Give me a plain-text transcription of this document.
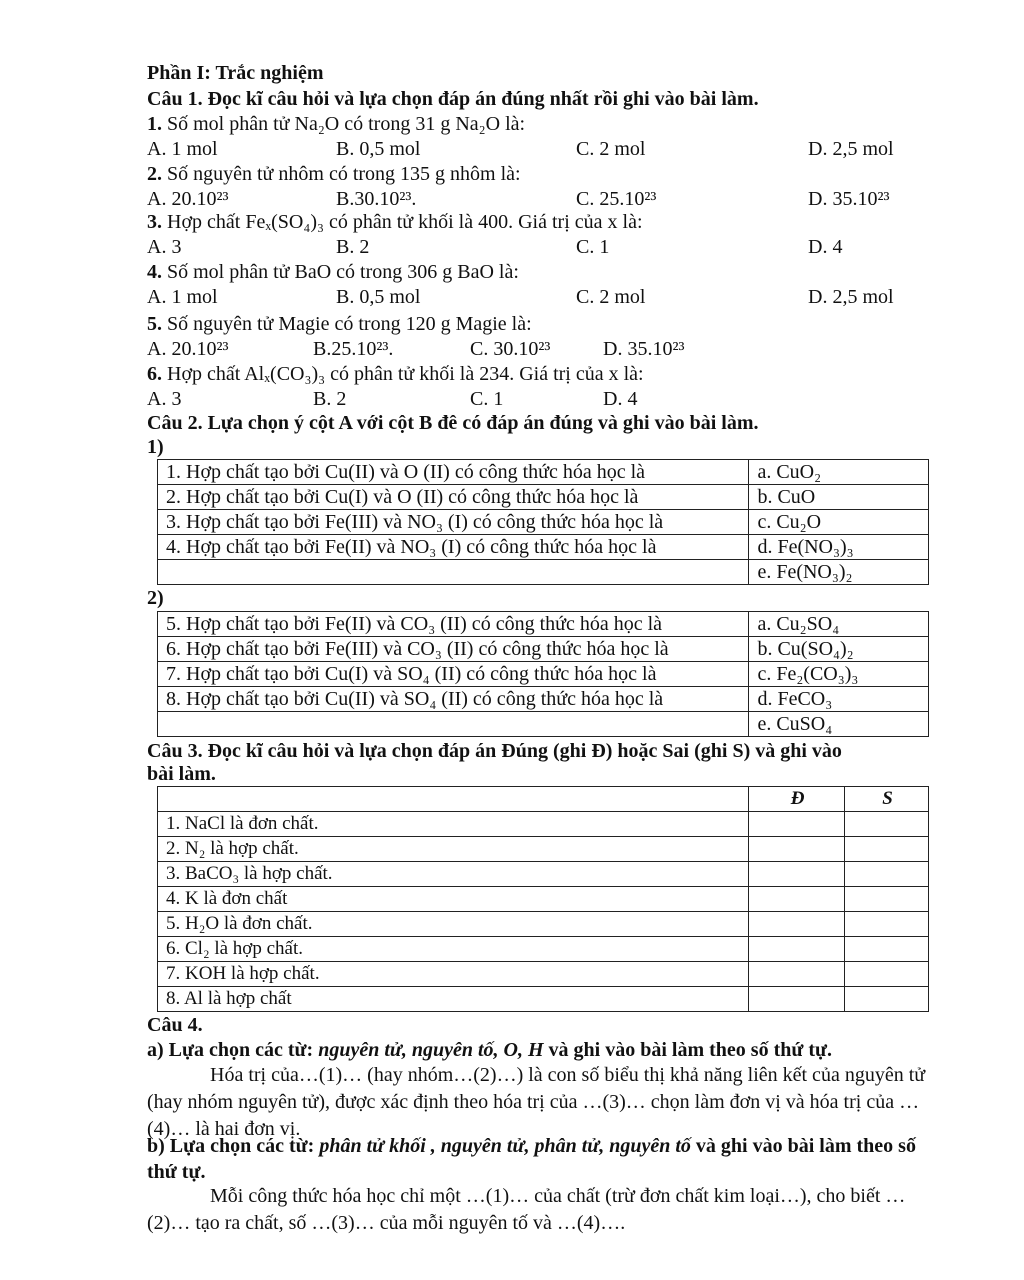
Phần I: Trắc nghiệm
Câu 1. Đọc kĩ câu hỏi và lựa chọn đáp án đúng nhất rồi ghi vào bài làm.
1. Số mol phân tử Na₂O có trong 31 g Na₂O là:
A. 1 mol	B. 0,5 mol	C. 2 mol	D. 2,5 mol
2. Số nguyên tử nhôm có trong 135 g nhôm là:
A. 20.10²³	B.30.10²³.	C. 25.10²³	D. 35.10²³
3. Hợp chất Feₓ(SO₄)₃ có phân tử khối là 400. Giá trị của x là:
A. 3	B. 2	C. 1	D. 4
4. Số mol phân tử BaO có trong 306 g BaO là:
A. 1 mol	B. 0,5 mol	C. 2 mol	D. 2,5 mol
5. Số nguyên tử Magie có trong 120 g Magie là:
A. 20.10²³	B.25.10²³.	C. 30.10²³	D. 35.10²³
6. Hợp chất Alₓ(CO₃)₃ có phân tử khối là 234. Giá trị của x là:
A. 3	B. 2	C. 1	D. 4
Câu 2. Lựa chọn ý cột A với cột B đê có đáp án đúng và ghi vào bài làm.
1)
1. Hợp chất tạo bởi Cu(II) và O (II) có công thức hóa học là	a. CuO₂
2. Hợp chất tạo bởi Cu(I) và O (II) có công thức hóa học là	b. CuO
3. Hợp chất tạo bởi Fe(III) và NO₃ (I) có công thức hóa học là	c. Cu₂O
4. Hợp chất tạo bởi Fe(II) và NO₃ (I) có công thức hóa học là	d. Fe(NO₃)₃
	e. Fe(NO₃)₂
2)
5. Hợp chất tạo bởi Fe(II) và CO₃ (II) có công thức hóa học là	a. Cu₂SO₄
6. Hợp chất tạo bởi Fe(III) và CO₃ (II) có công thức hóa học là	b. Cu(SO₄)₂
7. Hợp chất tạo bởi Cu(I) và SO₄ (II) có công thức hóa học là	c. Fe₂(CO₃)₃
8. Hợp chất tạo bởi Cu(II) và SO₄ (II) có công thức hóa học là	d. FeCO₃
	e. CuSO₄
Câu 3. Đọc kĩ câu hỏi và lựa chọn đáp án Đúng (ghi Đ) hoặc Sai (ghi S) và ghi vào
bài làm.
	Đ	S
1. NaCl là đơn chất.		
2. N₂ là hợp chất.		
3. BaCO₃ là hợp chất.		
4. K là đơn chất		
5. H₂O là đơn chất.		
6. Cl₂ là hợp chất.		
7. KOH là hợp chất.		
8. Al là hợp chất		
Câu 4.
a) Lựa chọn các từ: nguyên tử, nguyên tố, O, H và ghi vào bài làm theo số thứ tự.
Hóa trị của…(1)… (hay nhóm…(2)…) là con số biểu thị khả năng liên kết của nguyên tử (hay nhóm nguyên tử), được xác định theo hóa trị của …(3)… chọn làm đơn vị và hóa trị của …(4)… là hai đơn vị.
b) Lựa chọn các từ: phân tử khối , nguyên tử, phân tử, nguyên tố và ghi vào bài làm theo số thứ tự.
Mỗi công thức hóa học chỉ một …(1)… của chất (trừ đơn chất kim loại…), cho biết …(2)… tạo ra chất, số …(3)… của mỗi nguyên tố và …(4)….
